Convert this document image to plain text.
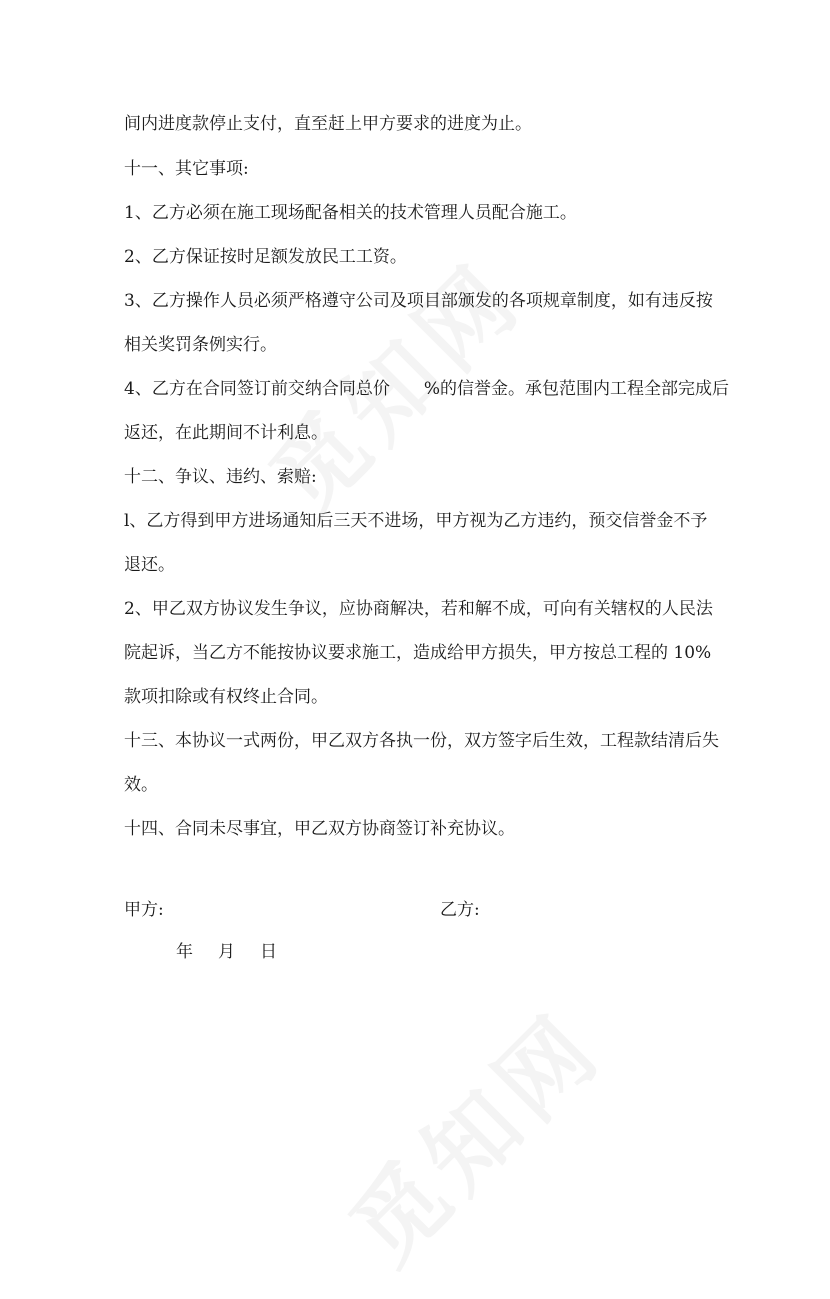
间内进度款停止支付，直至赶上甲方要求的进度为止。
十一、其它事项:
1、乙方必须在施工现场配备相关的技术管理人员配合施工。
2、乙方保证按时足额发放民工工资。
3、乙方操作人员必须严格遵守公司及项目部颁发的各项规章制度，如有违反按
相关奖罚条例实行。
4、乙方在合同签订前交纳合同总价　　%的信誉金。承包范围内工程全部完成后
返还，在此期间不计利息。
十二、争议、违约、索赔:
l、乙方得到甲方进场通知后三天不进场，甲方视为乙方违约，预交信誉金不予
退还。
2、甲乙双方协议发生争议，应协商解决，若和解不成，可向有关辖权的人民法
院起诉，当乙方不能按协议要求施工，造成给甲方损失，甲方按总工程的 10%
款项扣除或有权终止合同。
十三、本协议一式两份，甲乙双方各执一份，双方签字后生效，工程款结清后失
效。
十四、合同未尽事宜，甲乙双方协商签订补充协议。
甲方:	乙方:
年 月 日
